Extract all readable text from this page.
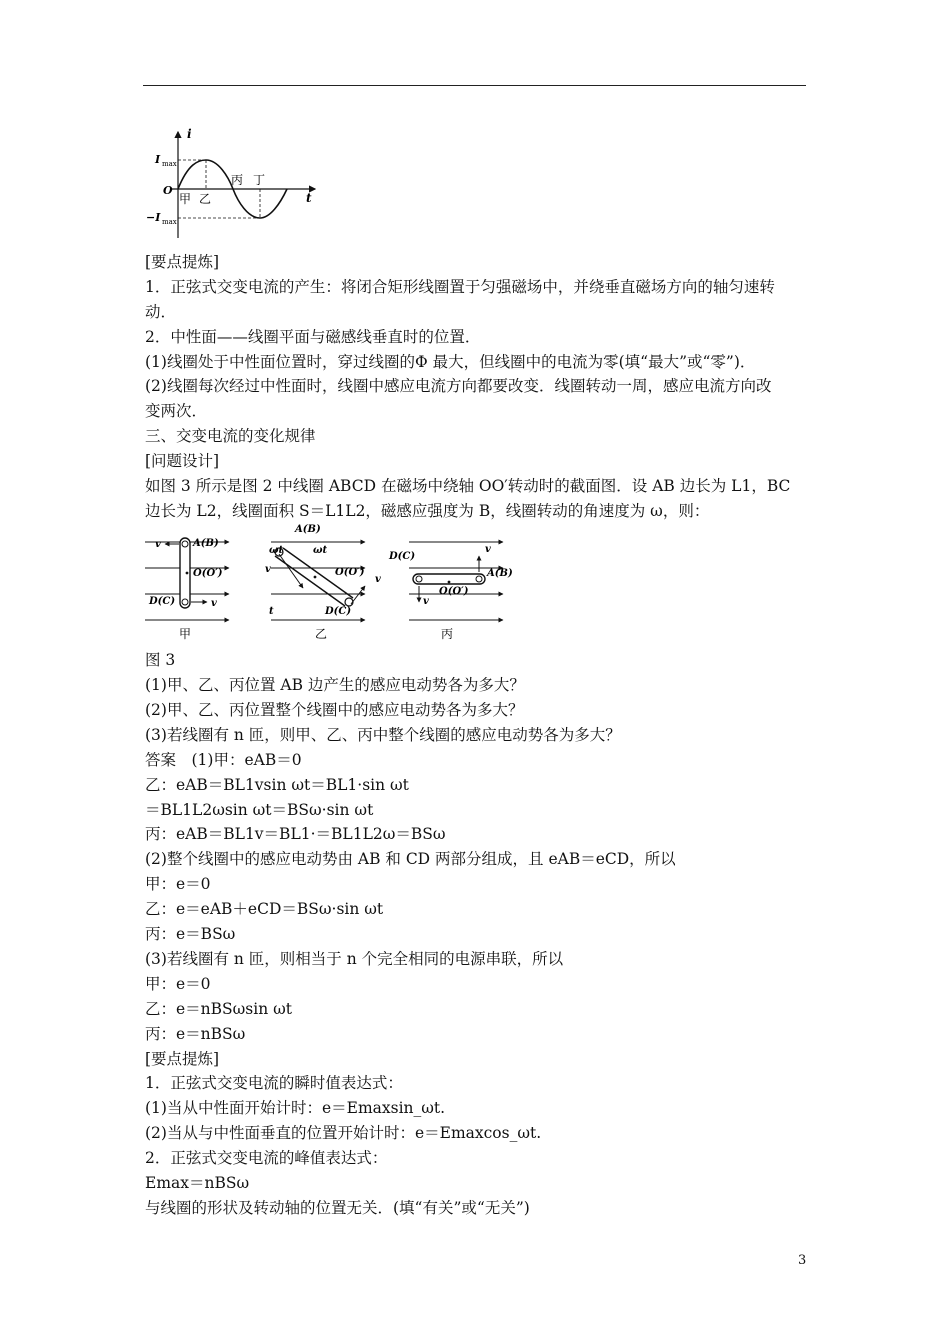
i
t
I max
−I max
O
甲 乙
丙 丁
v	A(B)
O(O′)
D(C)	v
甲
A(B)
ωt	ωt
v	O(O′)
v
t	D(C)
乙
D(C)
v
A(B)
v
O(O′)
丙
[要点提炼]
1．正弦式交变电流的产生：将闭合矩形线圈置于匀强磁场中，并绕垂直磁场方向的轴匀速转
动．
2．中性面——线圈平面与磁感线垂直时的位置．
(1)线圈处于中性面位置时，穿过线圈的Φ 最大，但线圈中的电流为零(填“最大”或“零”)．
(2)线圈每次经过中性面时，线圈中感应电流方向都要改变．线圈转动一周，感应电流方向改
变两次．
三、交变电流的变化规律
[问题设计]
如图 3 所示是图 2 中线圈 ABCD 在磁场中绕轴 OO′转动时的截面图．设 AB 边长为 L1，BC
边长为 L2，线圈面积 S＝L1L2，磁感应强度为 B，线圈转动的角速度为 ω，则：
图 3
(1)甲、乙、丙位置 AB 边产生的感应电动势各为多大？
(2)甲、乙、丙位置整个线圈中的感应电动势各为多大？
(3)若线圈有 n 匝，则甲、乙、丙中整个线圈的感应电动势各为多大？
答案　(1)甲：eAB＝0
乙：eAB＝BL1vsin ωt＝BL1·sin ωt
＝BL1L2ωsin ωt＝BSω·sin ωt
丙：eAB＝BL1v＝BL1·＝BL1L2ω＝BSω
(2)整个线圈中的感应电动势由 AB 和 CD 两部分组成，且 eAB＝eCD，所以
甲：e＝0
乙：e＝eAB＋eCD＝BSω·sin ωt
丙：e＝BSω
(3)若线圈有 n 匝，则相当于 n 个完全相同的电源串联，所以
甲：e＝0
乙：e＝nBSωsin ωt
丙：e＝nBSω
[要点提炼]
1．正弦式交变电流的瞬时值表达式：
(1)当从中性面开始计时：e＝Emaxsin_ωt.
(2)当从与中性面垂直的位置开始计时：e＝Emaxcos_ωt.
2．正弦式交变电流的峰值表达式：
Emax＝nBSω
与线圈的形状及转动轴的位置无关．(填“有关”或“无关”)
3
